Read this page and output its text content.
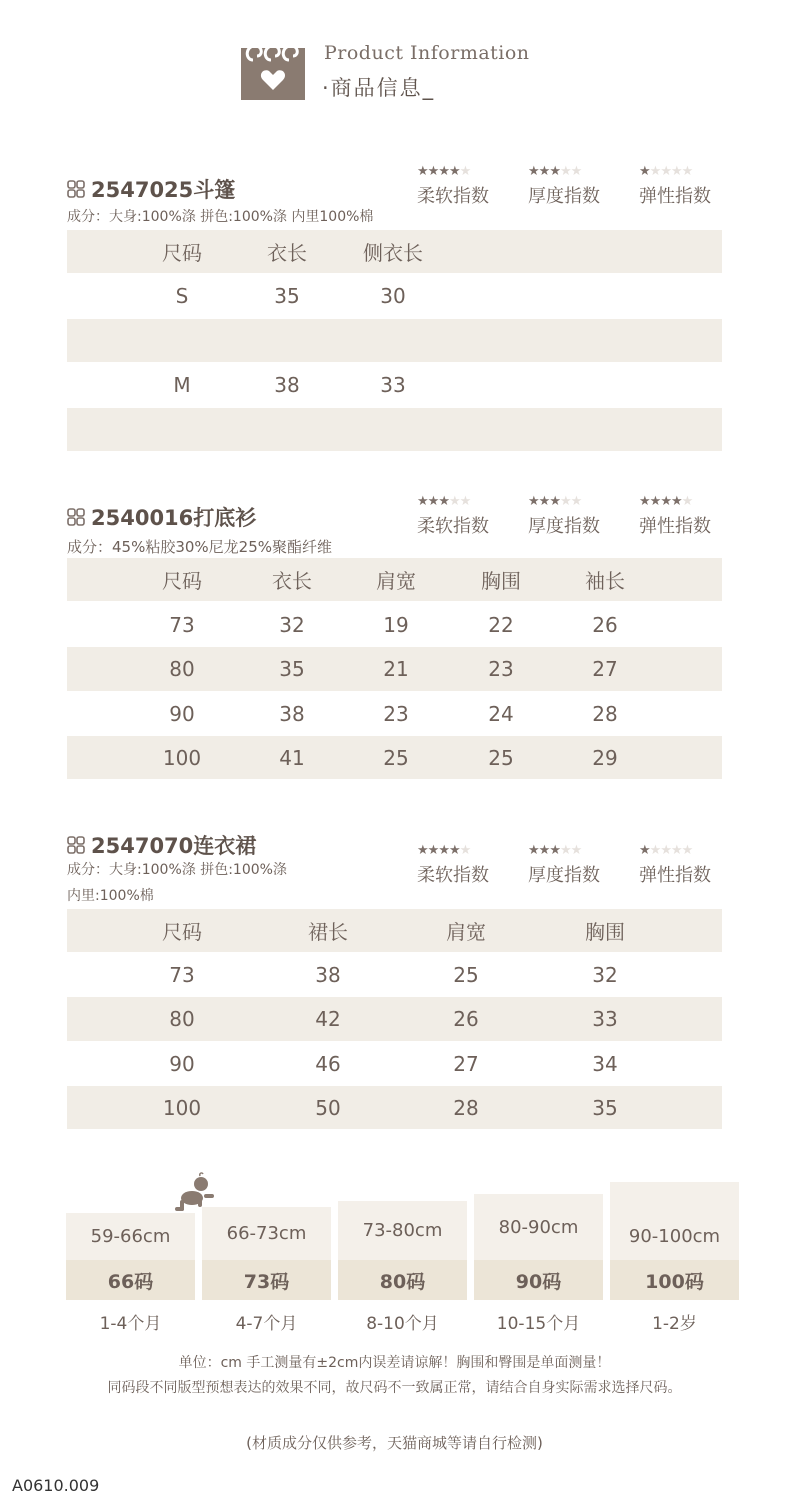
Product Information
·商品信息_
2547025斗篷
成分：大身:100%涤 拼色:100%涤 内里100%棉
★★★★★
柔软指数
★★★★★
厚度指数
★★★★★
弹性指数
尺码	衣长	侧衣长
S	35	30
M	38	33
2540016打底衫
成分：45%粘胶30%尼龙25%聚酯纤维
★★★★★
柔软指数
★★★★★
厚度指数
★★★★★
弹性指数
尺码	衣长	肩宽	胸围	袖长
73	32	19	22	26
80	35	21	23	27
90	38	23	24	28
100	41	25	25	29
2547070连衣裙
成分：大身:100%涤 拼色:100%涤
内里:100%棉
★★★★★
柔软指数
★★★★★
厚度指数
★★★★★
弹性指数
尺码	裙长	肩宽	胸围
73	38	25	32
80	42	26	33
90	46	27	34
100	50	28	35
59-66cm
66码
1-4个月
66-73cm
73码
4-7个月
73-80cm
80码
8-10个月
80-90cm
90码
10-15个月
90-100cm
100码
1-2岁
单位：cm 手工测量有±2cm内误差请谅解！胸围和臀围是单面测量！
同码段不同版型预想表达的效果不同，故尺码不一致属正常，请结合自身实际需求选择尺码。
(材质成分仅供参考，天猫商城等请自行检测)
A0610.009
